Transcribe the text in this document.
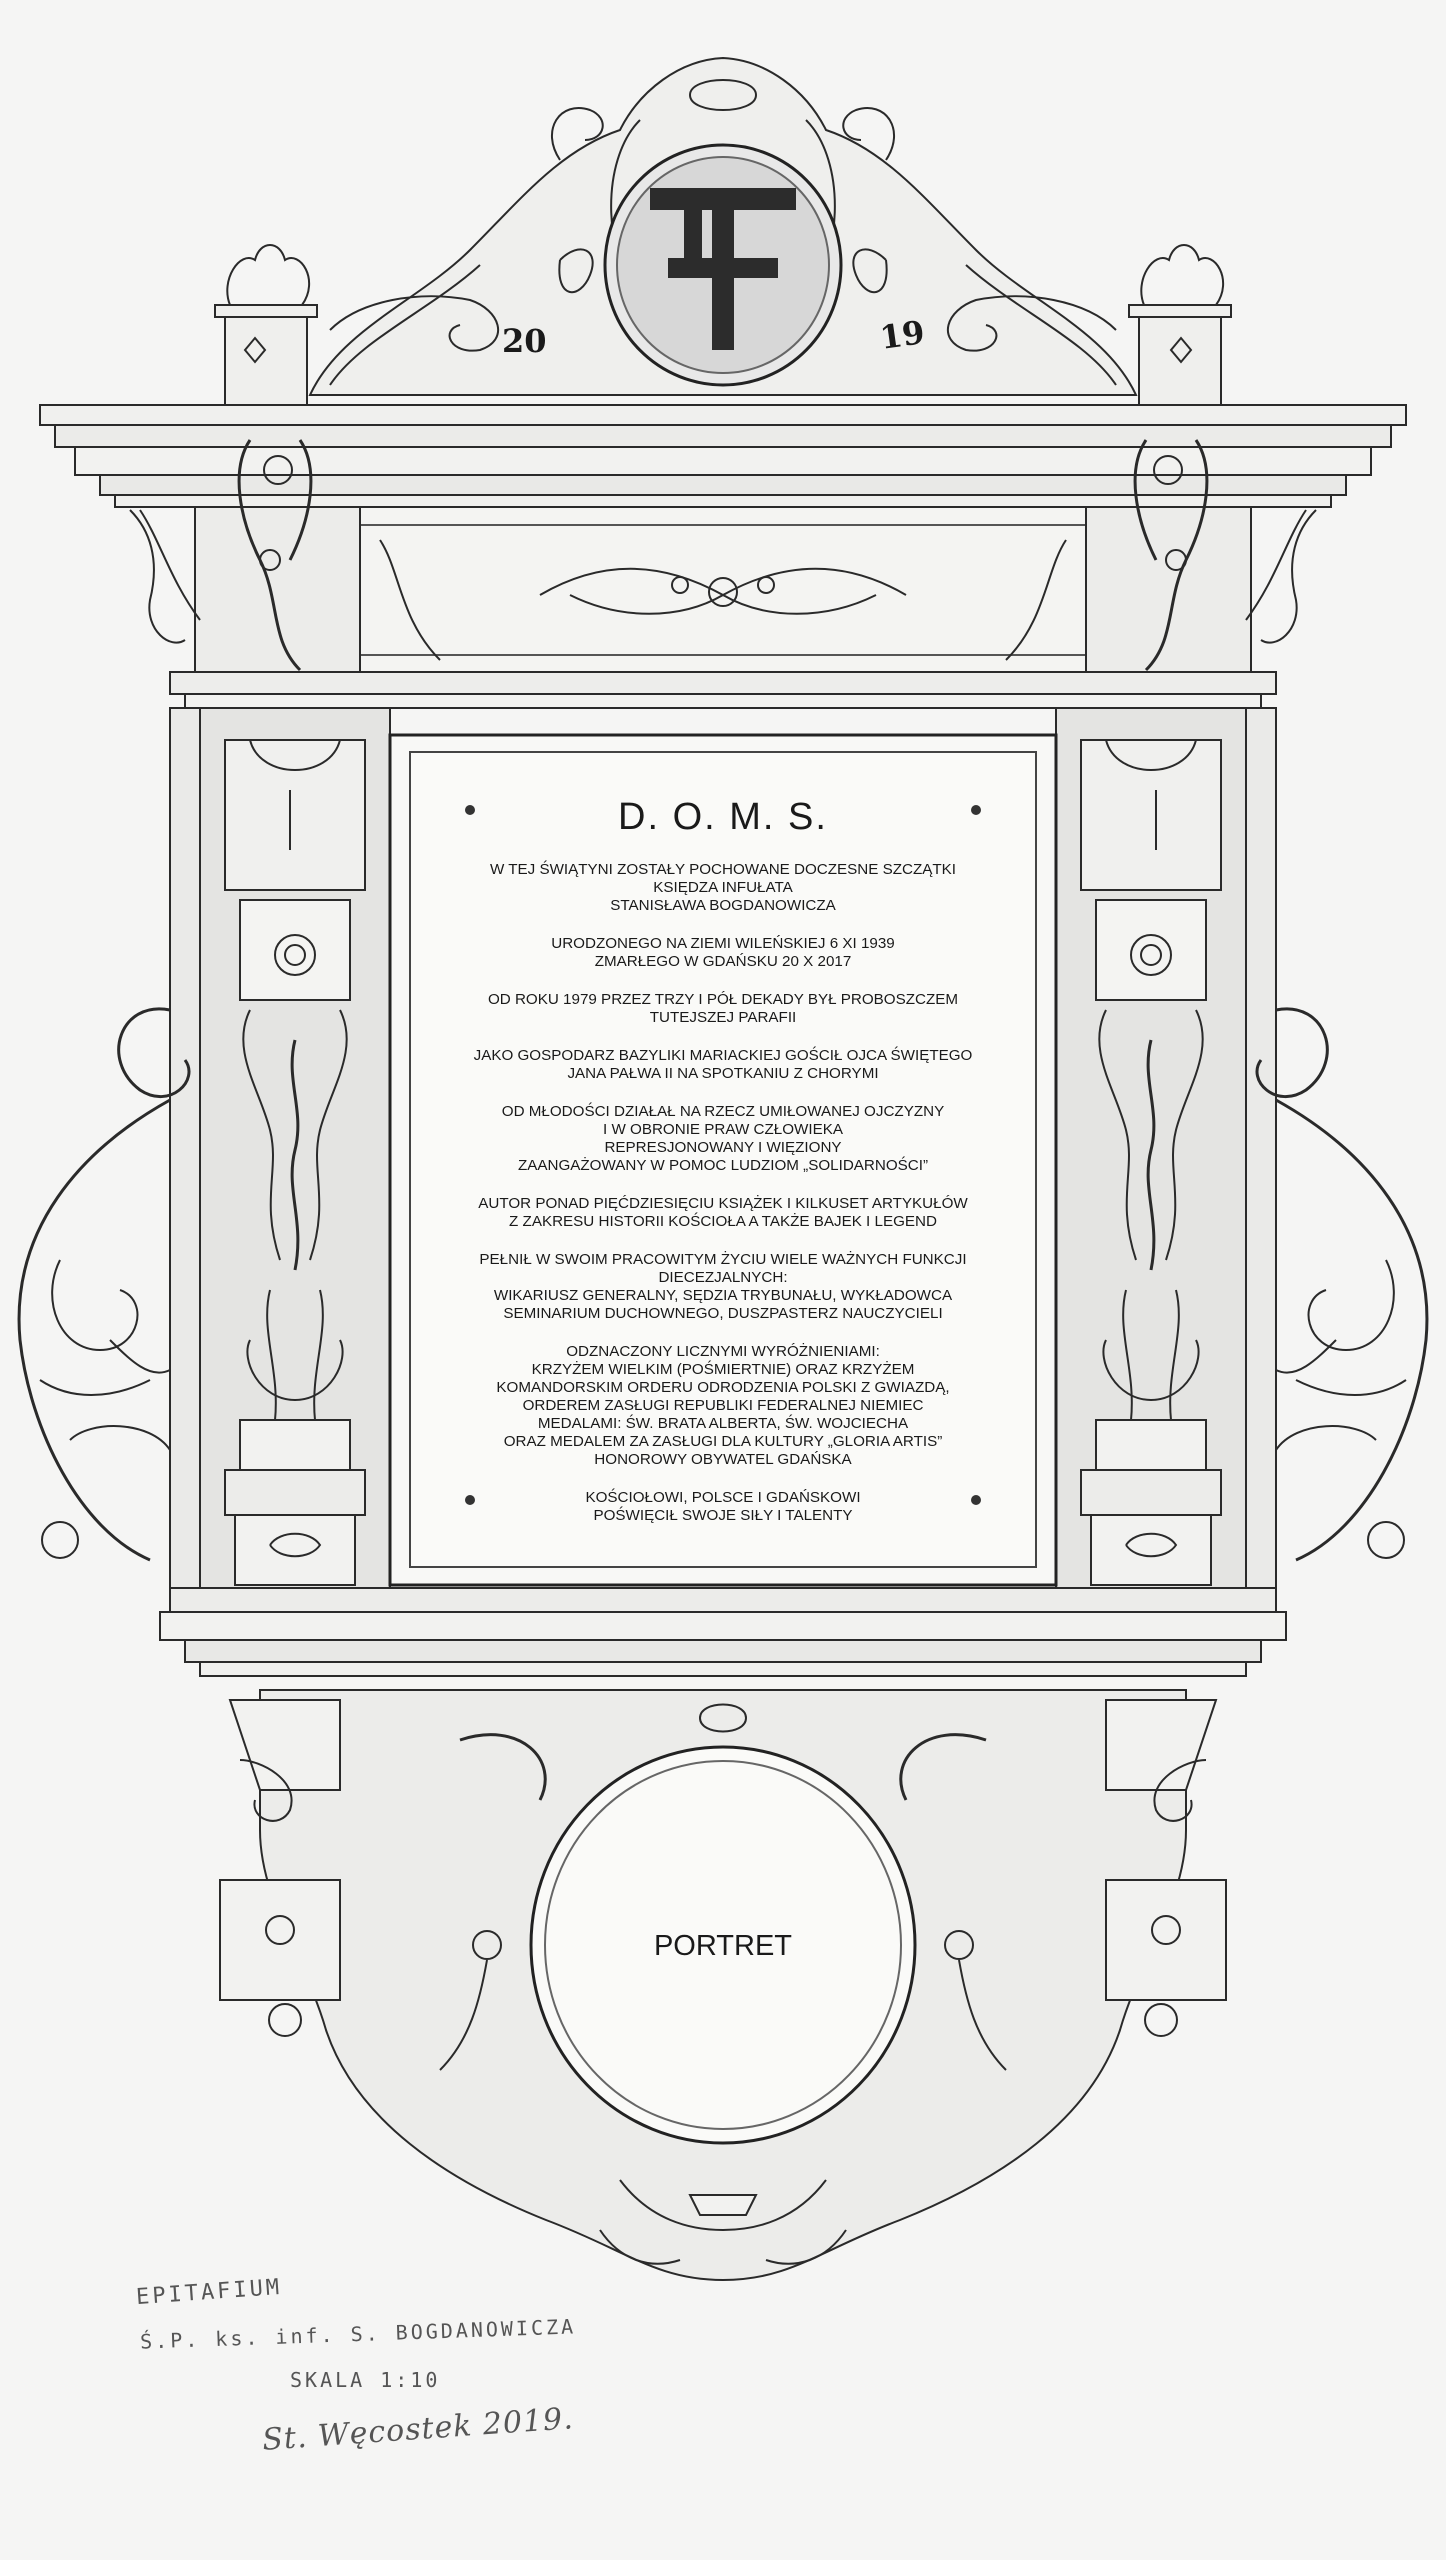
20	19
D. O. M. S.
W TEJ ŚWIĄTYNI ZOSTAŁY POCHOWANE DOCZESNE SZCZĄTKI
KSIĘDZA INFUŁATA
STANISŁAWA BOGDANOWICZA
URODZONEGO NA ZIEMI WILEŃSKIEJ 6 XI 1939
ZMARŁEGO W GDAŃSKU 20 X 2017
OD ROKU 1979 PRZEZ TRZY I PÓŁ DEKADY BYŁ PROBOSZCZEM
TUTEJSZEJ PARAFII
JAKO GOSPODARZ BAZYLIKI MARIACKIEJ GOŚCIŁ OJCA ŚWIĘTEGO
JANA PAŁWA II NA SPOTKANIU Z CHORYMI
OD MŁODOŚCI DZIAŁAŁ NA RZECZ UMIŁOWANEJ OJCZYZNY
I W OBRONIE PRAW CZŁOWIEKA
REPRESJONOWANY I WIĘZIONY
ZAANGAŻOWANY W POMOC LUDZIOM „SOLIDARNOŚCI”
AUTOR PONAD PIĘĆDZIESIĘCIU KSIĄŻEK I KILKUSET ARTYKUŁÓW
Z ZAKRESU HISTORII KOŚCIOŁA A TAKŻE BAJEK I LEGEND
PEŁNIŁ W SWOIM PRACOWITYM ŻYCIU WIELE WAŻNYCH FUNKCJI
DIECEZJALNYCH:
WIKARIUSZ GENERALNY, SĘDZIA TRYBUNAŁU, WYKŁADOWCA
SEMINARIUM DUCHOWNEGO, DUSZPASTERZ NAUCZYCIELI
ODZNACZONY LICZNYMI WYRÓŻNIENIAMI:
KRZYŻEM WIELKIM (POŚMIERTNIE) ORAZ KRZYŻEM
KOMANDORSKIM ORDERU ODRODZENIA POLSKI Z GWIAZDĄ,
ORDEREM ZASŁUGI REPUBLIKI FEDERALNEJ NIEMIEC
MEDALAMI: ŚW. BRATA ALBERTA, ŚW. WOJCIECHA
ORAZ MEDALEM ZA ZASŁUGI DLA KULTURY „GLORIA ARTIS”
HONOROWY OBYWATEL GDAŃSKA
KOŚCIOŁOWI, POLSCE I GDAŃSKOWI
POŚWIĘCIŁ SWOJE SIŁY I TALENTY
PORTRET
EPITAFIUM
Ś.P. ks. inf. S. BOGDANOWICZA
SKALA 1:10
St. Węcostek 2019.
